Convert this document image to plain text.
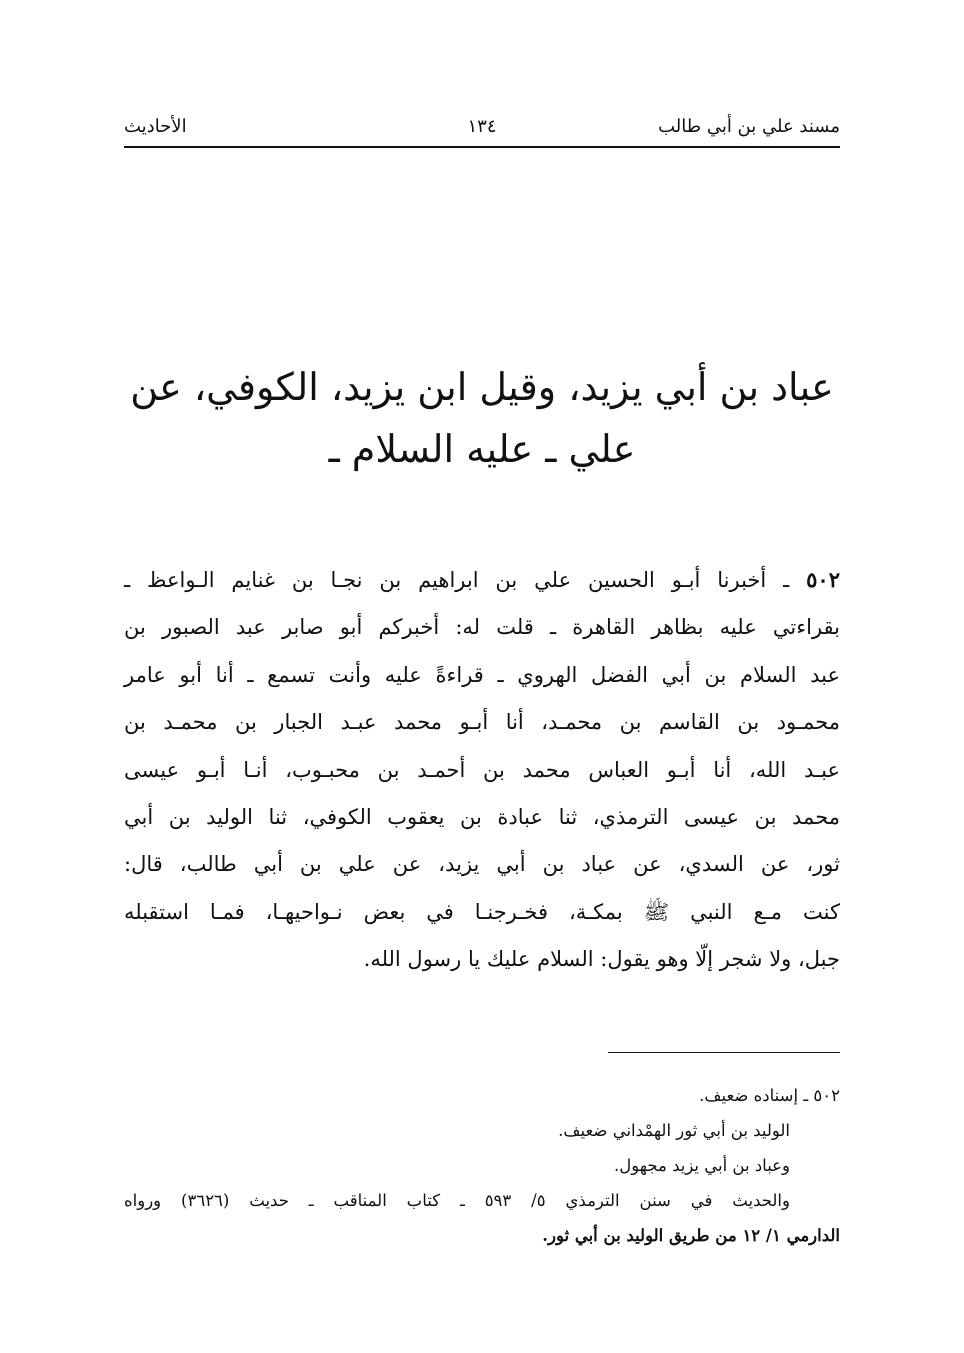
مسند علي بن أبي طالب
١٣٤
الأحاديث
عباد بن أبي يزيد، وقيل ابن يزيد، الكوفي، عن
علي ـ عليه السلام ـ
٥٠٢ ـ أخبرنا أبـو الحسين علي بن ابراهيم بن نجـا بن غنايم الـواعظ ـ
بقراءتي عليه بظاهر القاهرة ـ قلت له: أخبركم أبو صابر عبد الصبور بن
عبد السلام بن أبي الفضل الهروي ـ قراءةً عليه وأنت تسمع ـ أنا أبو عامر
محمـود بن القاسم بن محمـد، أنا أبـو محمد عبـد الجبار بن محمـد بن
عبـد الله، أنا أبـو العباس محمد بن أحمـد بن محبـوب، أنـا أبـو عيسى
محمد بن عيسى الترمذي، ثنا عبادة بن يعقوب الكوفي، ثنا الوليد بن أبي
ثور، عن السدي، عن عباد بن أبي يزيد، عن علي بن أبي طالب، قال:
كنت مـع النبي ﷺ بمكـة، فخـرجنـا في بعض نـواحيهـا، فمـا استقبله
جبل، ولا شجر إلّا وهو يقول: السلام عليك يا رسول الله.
٥٠٢ ـ إسناده ضعيف.
الوليد بن أبي ثور الهمْداني ضعيف.
وعباد بن أبي يزيد مجهول.
والحديث في سنن الترمذي ٥/ ٥٩٣ ـ كتاب المناقب ـ حديث (٣٦٢٦) ورواه
الدارمي ١/ ١٢ من طريق الوليد بن أبي ثور.
